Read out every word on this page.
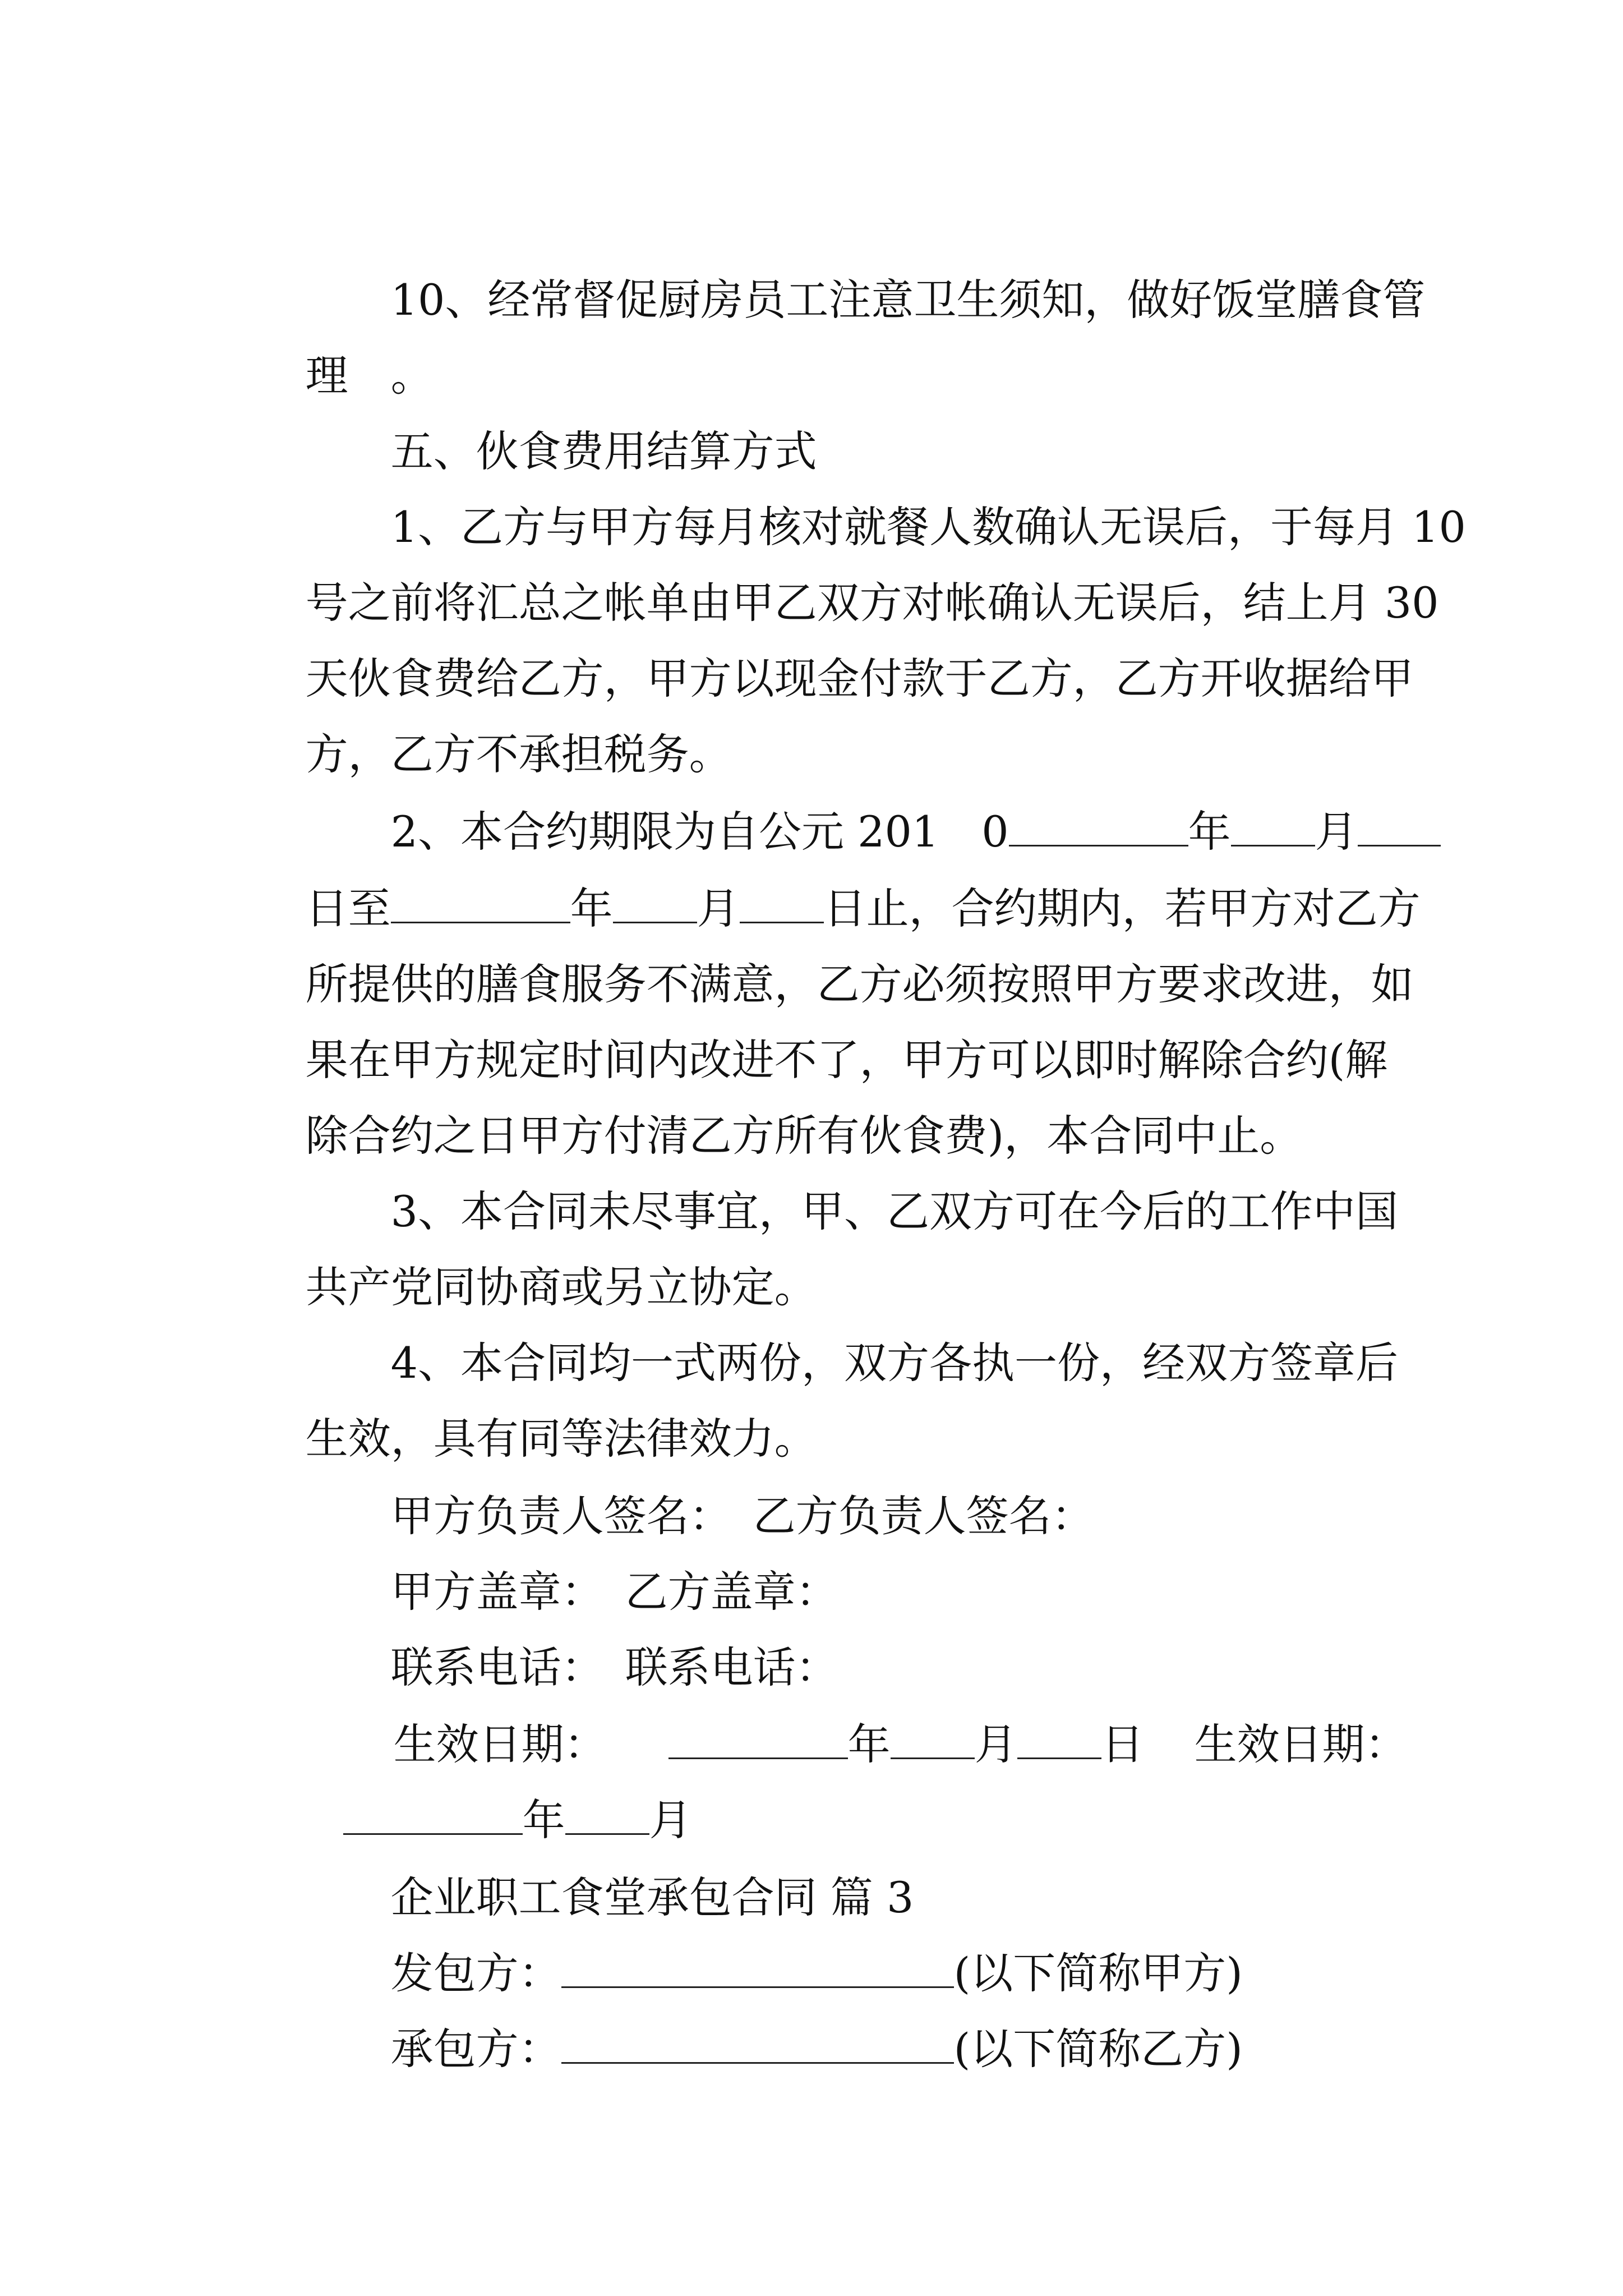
10、经常督促厨房员工注意卫生须知，做好饭堂膳食管

理　。

五、伙食费用结算方式

1、乙方与甲方每月核对就餐人数确认无误后，于每月 10

号之前将汇总之帐单由甲乙双方对帐确认无误后，结上月 30

天伙食费给乙方，甲方以现金付款于乙方，乙方开收据给甲

方，乙方不承担税务。

2、本合约期限为自公元 201　0	年 月

日至	年 月 日止，合约期内，若甲方对乙方

所提供的膳食服务不满意，乙方必须按照甲方要求改进，如

果在甲方规定时间内改进不了，甲方可以即时解除合约(解

除合约之日甲方付清乙方所有伙食费)，本合同中止。

3、本合同未尽事宜，甲、乙双方可在今后的工作中国

共产党同协商或另立协定。

4、本合同均一式两份，双方各执一份，经双方签章后

生效，具有同等法律效力。

甲方负责人签名：　乙方负责人签名：

甲方盖章：　乙方盖章：

联系电话：　联系电话：

生效日期：	年 月 日 生效日期：

年 月

企业职工食堂承包合同 篇 3

发包方：	(以下简称甲方)

承包方：	(以下简称乙方)
